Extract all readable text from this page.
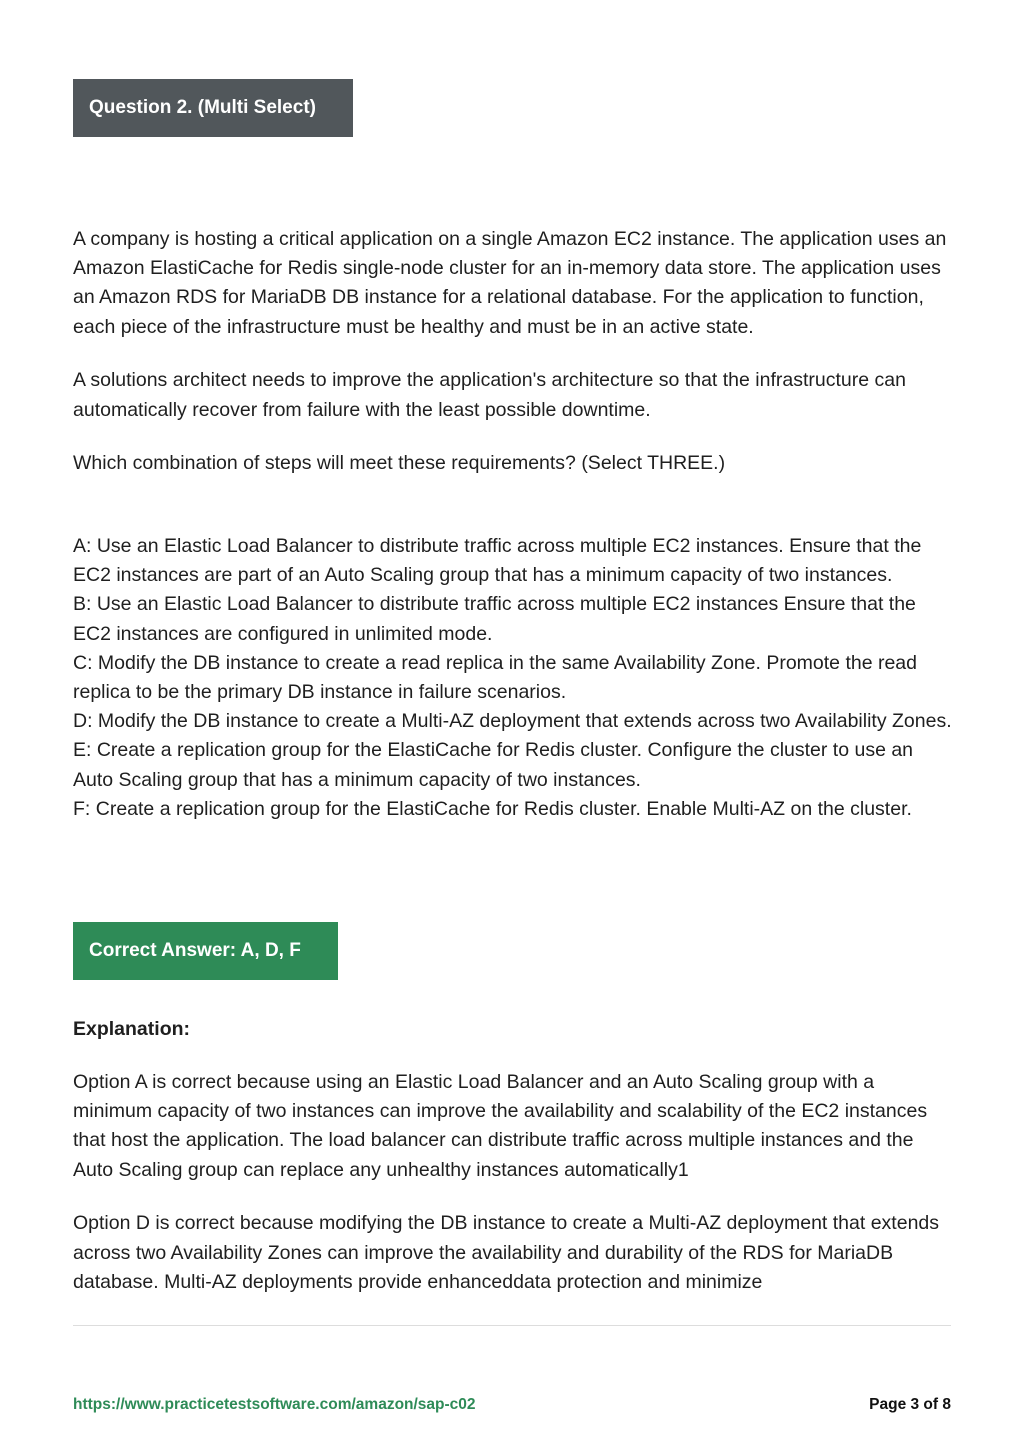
Question 2. (Multi Select)

A company is hosting a critical application on a single Amazon EC2 instance. The application uses an Amazon ElastiCache for Redis single-node cluster for an in-memory data store. The application uses an Amazon RDS for MariaDB DB instance for a relational database. For the application to function, each piece of the infrastructure must be healthy and must be in an active state.

A solutions architect needs to improve the application's architecture so that the infrastructure can automatically recover from failure with the least possible downtime.

Which combination of steps will meet these requirements? (Select THREE.)

A: Use an Elastic Load Balancer to distribute traffic across multiple EC2 instances. Ensure that the EC2 instances are part of an Auto Scaling group that has a minimum capacity of two instances.

B: Use an Elastic Load Balancer to distribute traffic across multiple EC2 instances Ensure that the EC2 instances are configured in unlimited mode.

C: Modify the DB instance to create a read replica in the same Availability Zone. Promote the read replica to be the primary DB instance in failure scenarios.

D: Modify the DB instance to create a Multi-AZ deployment that extends across two Availability Zones.

E: Create a replication group for the ElastiCache for Redis cluster. Configure the cluster to use an Auto Scaling group that has a minimum capacity of two instances.

F: Create a replication group for the ElastiCache for Redis cluster. Enable Multi-AZ on the cluster.

Correct Answer: A, D, F
Explanation:

Option A is correct because using an Elastic Load Balancer and an Auto Scaling group with a minimum capacity of two instances can improve the availability and scalability of the EC2 instances that host the application. The load balancer can distribute traffic across multiple instances and the Auto Scaling group can replace any unhealthy instances automatically1

Option D is correct because modifying the DB instance to create a Multi-AZ deployment that extends across two Availability Zones can improve the availability and durability of the RDS for MariaDB database. Multi-AZ deployments provide enhanceddata protection and minimize

https://www.practicetestsoftware.com/amazon/sap-c02	Page 3 of 8
